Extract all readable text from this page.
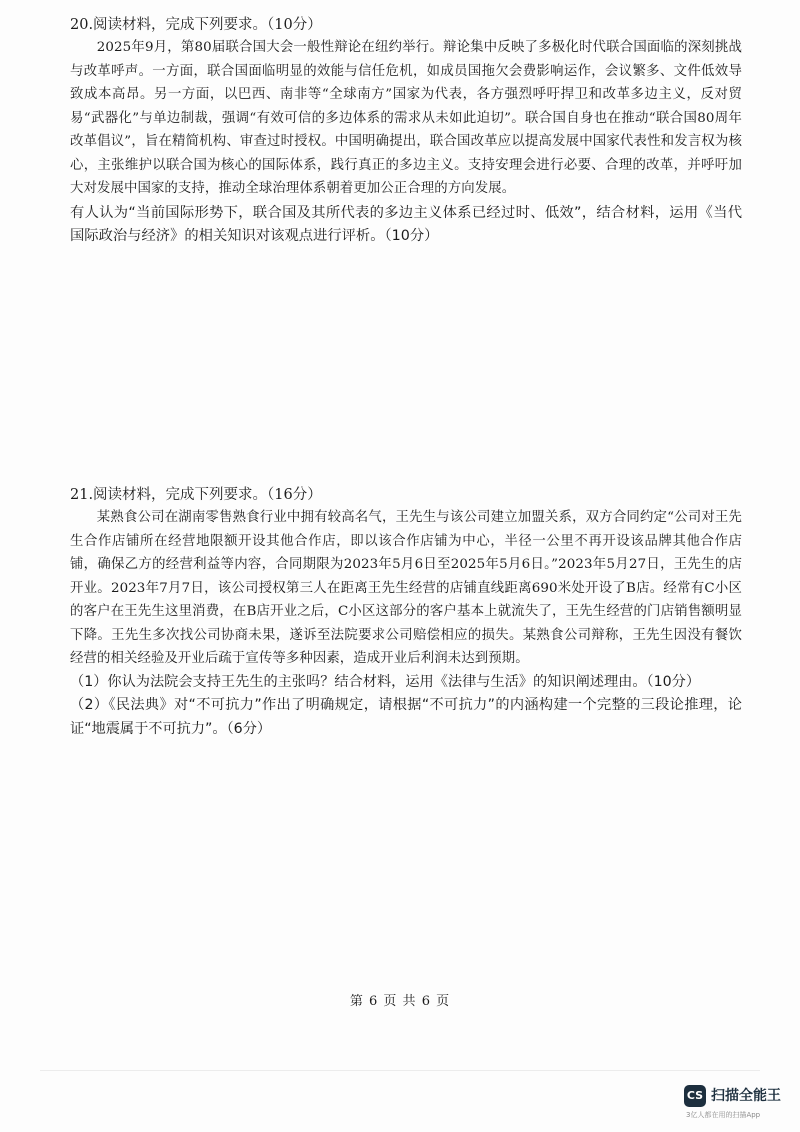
20.阅读材料，完成下列要求。（10分）

2025年9月，第80届联合国大会一般性辩论在纽约举行。辩论集中反映了多极化时代联合国面临的深刻挑战与改革呼声。一方面，联合国面临明显的效能与信任危机，如成员国拖欠会费影响运作，会议繁多、文件低效导致成本高昂。另一方面，以巴西、南非等“全球南方”国家为代表，各方强烈呼吁捍卫和改革多边主义，反对贸易“武器化”与单边制裁，强调“有效可信的多边体系的需求从未如此迫切”。联合国自身也在推动“联合国80周年改革倡议”，旨在精简机构、审查过时授权。中国明确提出，联合国改革应以提高发展中国家代表性和发言权为核心，主张维护以联合国为核心的国际体系，践行真正的多边主义。支持安理会进行必要、合理的改革，并呼吁加大对发展中国家的支持，推动全球治理体系朝着更加公正合理的方向发展。

有人认为“当前国际形势下，联合国及其所代表的多边主义体系已经过时、低效”，结合材料，运用《当代国际政治与经济》的相关知识对该观点进行评析。（10分）

21.阅读材料，完成下列要求。（16分）

某熟食公司在湖南零售熟食行业中拥有较高名气，王先生与该公司建立加盟关系，双方合同约定“公司对王先生合作店铺所在经营地限额开设其他合作店，即以该合作店铺为中心，半径一公里不再开设该品牌其他合作店铺，确保乙方的经营利益等内容，合同期限为2023年5月6日至2025年5月6日。”2023年5月27日，王先生的店开业。2023年7月7日，该公司授权第三人在距离王先生经营的店铺直线距离690米处开设了B店。经常有C小区的客户在王先生这里消费，在B店开业之后，C小区这部分的客户基本上就流失了，王先生经营的门店销售额明显下降。王先生多次找公司协商未果，遂诉至法院要求公司赔偿相应的损失。某熟食公司辩称，王先生因没有餐饮经营的相关经验及开业后疏于宣传等多种因素，造成开业后利润未达到预期。

（1）你认为法院会支持王先生的主张吗？结合材料，运用《法律与生活》的知识阐述理由。（10分）

（2）《民法典》对“不可抗力”作出了明确规定，请根据“不可抗力”的内涵构建一个完整的三段论推理，论证“地震属于不可抗力”。（6分）

第 6 页 共 6 页
CS 扫描全能王
3亿人都在用的扫描App
